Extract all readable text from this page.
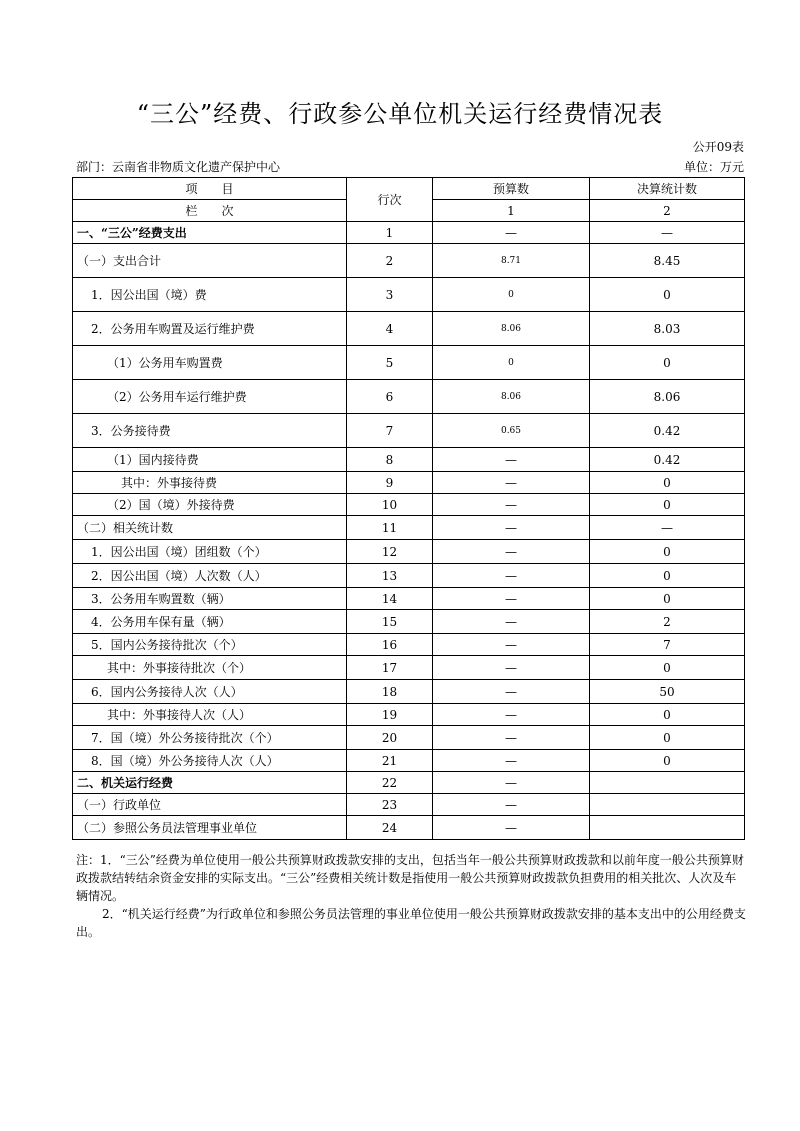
“三公”经费、行政参公单位机关运行经费情况表
公开09表
部门：云南省非物质文化遗产保护中心	单位：万元
项　　目	行次	预算数	决算统计数
栏　　次		1	2
一、“三公”经费支出	1	—	—
（一）支出合计	2	8.71	8.45
1．因公出国（境）费	3	0	0
2．公务用车购置及运行维护费	4	8.06	8.03
（1）公务用车购置费	5	0	0
（2）公务用车运行维护费	6	8.06	8.06
3．公务接待费	7	0.65	0.42
（1）国内接待费	8	—	0.42
其中：外事接待费	9	—	0
（2）国（境）外接待费	10	—	0
（二）相关统计数	11	—	—
1．因公出国（境）团组数（个）	12	—	0
2．因公出国（境）人次数（人）	13	—	0
3．公务用车购置数（辆）	14	—	0
4．公务用车保有量（辆）	15	—	2
5．国内公务接待批次（个）	16	—	7
其中：外事接待批次（个）	17	—	0
6．国内公务接待人次（人）	18	—	50
其中：外事接待人次（人）	19	—	0
7．国（境）外公务接待批次（个）	20	—	0
8．国（境）外公务接待人次（人）	21	—	0
二、机关运行经费	22	—	
（一）行政单位	23	—	
（二）参照公务员法管理事业单位	24	—	

注：1．“三公”经费为单位使用一般公共预算财政拨款安排的支出，包括当年一般公共预算财政拨款和以前年度一般公共预算财政拨款结转结余资金安排的实际支出。“三公”经费相关统计数是指使用一般公共预算财政拨款负担费用的相关批次、人次及车辆情况。

2．“机关运行经费”为行政单位和参照公务员法管理的事业单位使用一般公共预算财政拨款安排的基本支出中的公用经费支出。
